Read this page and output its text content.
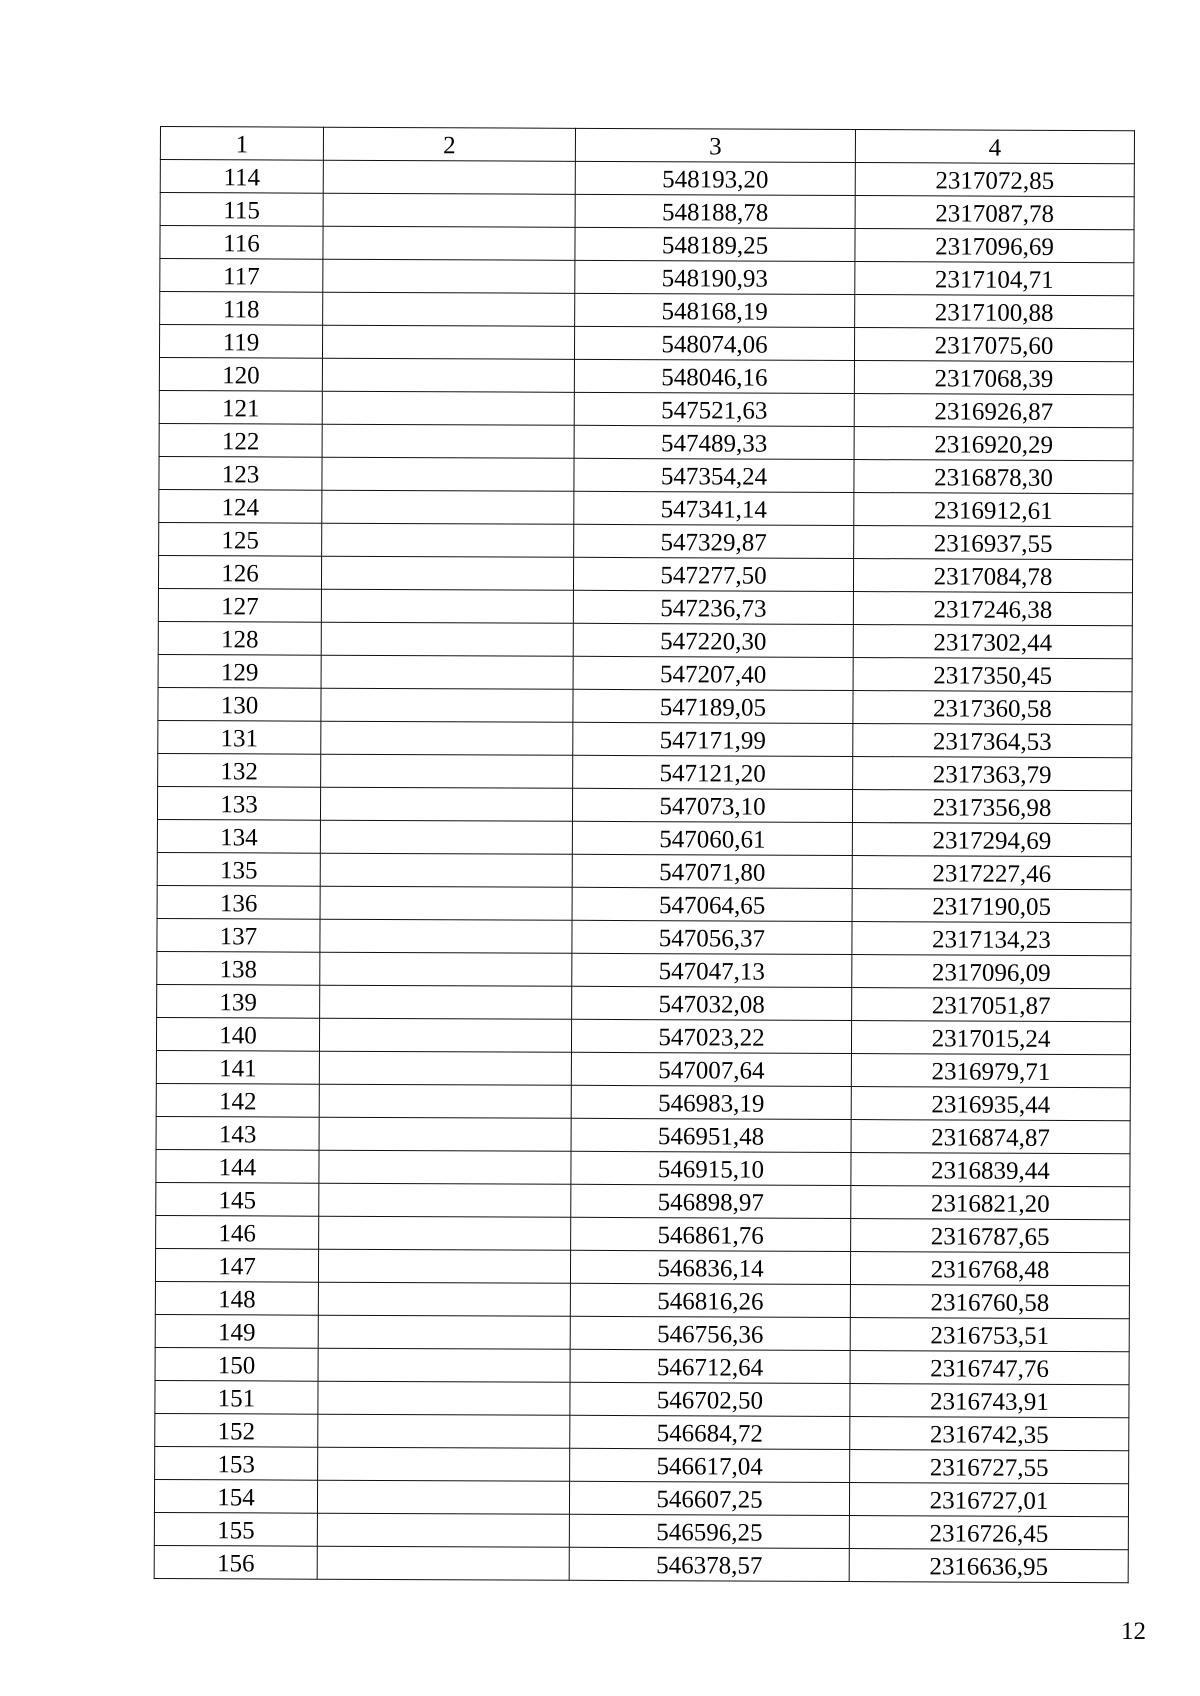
1	2	3	4
114		548193,20	2317072,85
115		548188,78	2317087,78
116		548189,25	2317096,69
117		548190,93	2317104,71
118		548168,19	2317100,88
119		548074,06	2317075,60
120		548046,16	2317068,39
121		547521,63	2316926,87
122		547489,33	2316920,29
123		547354,24	2316878,30
124		547341,14	2316912,61
125		547329,87	2316937,55
126		547277,50	2317084,78
127		547236,73	2317246,38
128		547220,30	2317302,44
129		547207,40	2317350,45
130		547189,05	2317360,58
131		547171,99	2317364,53
132		547121,20	2317363,79
133		547073,10	2317356,98
134		547060,61	2317294,69
135		547071,80	2317227,46
136		547064,65	2317190,05
137		547056,37	2317134,23
138		547047,13	2317096,09
139		547032,08	2317051,87
140		547023,22	2317015,24
141		547007,64	2316979,71
142		546983,19	2316935,44
143		546951,48	2316874,87
144		546915,10	2316839,44
145		546898,97	2316821,20
146		546861,76	2316787,65
147		546836,14	2316768,48
148		546816,26	2316760,58
149		546756,36	2316753,51
150		546712,64	2316747,76
151		546702,50	2316743,91
152		546684,72	2316742,35
153		546617,04	2316727,55
154		546607,25	2316727,01
155		546596,25	2316726,45
156		546378,57	2316636,95
12
